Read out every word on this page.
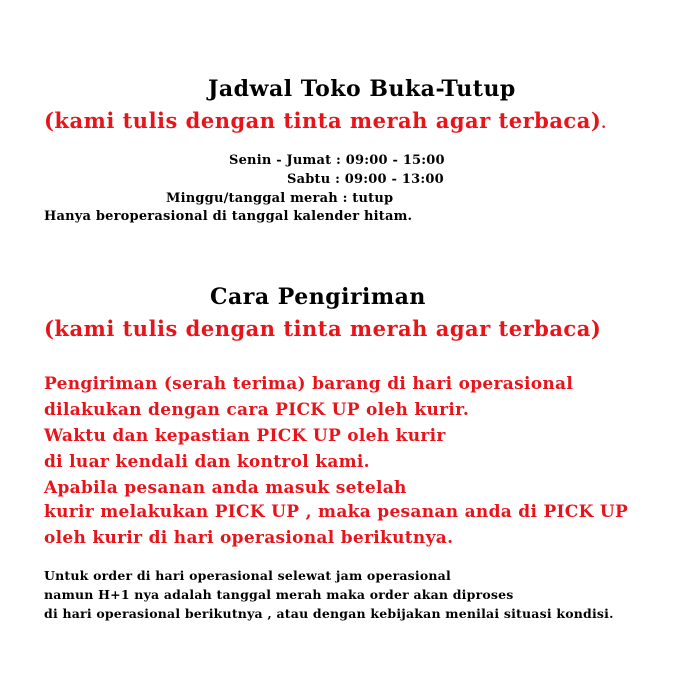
Jadwal Toko Buka-Tutup
(kami tulis dengan tinta merah agar terbaca).
Senin - Jumat : 09:00 - 15:00
Sabtu : 09:00 - 13:00
Minggu/tanggal merah : tutup
Hanya beroperasional di tanggal kalender hitam.
Cara Pengiriman
(kami tulis dengan tinta merah agar terbaca)
Pengiriman (serah terima) barang di hari operasional
dilakukan dengan cara PICK UP oleh kurir.
Waktu dan kepastian PICK UP oleh kurir
di luar kendali dan kontrol kami.
Apabila pesanan anda masuk setelah
kurir melakukan PICK UP , maka pesanan anda di PICK UP
oleh kurir di hari operasional berikutnya.
Untuk order di hari operasional selewat jam operasional
namun H+1 nya adalah tanggal merah maka order akan diproses
di hari operasional berikutnya , atau dengan kebijakan menilai situasi kondisi.
